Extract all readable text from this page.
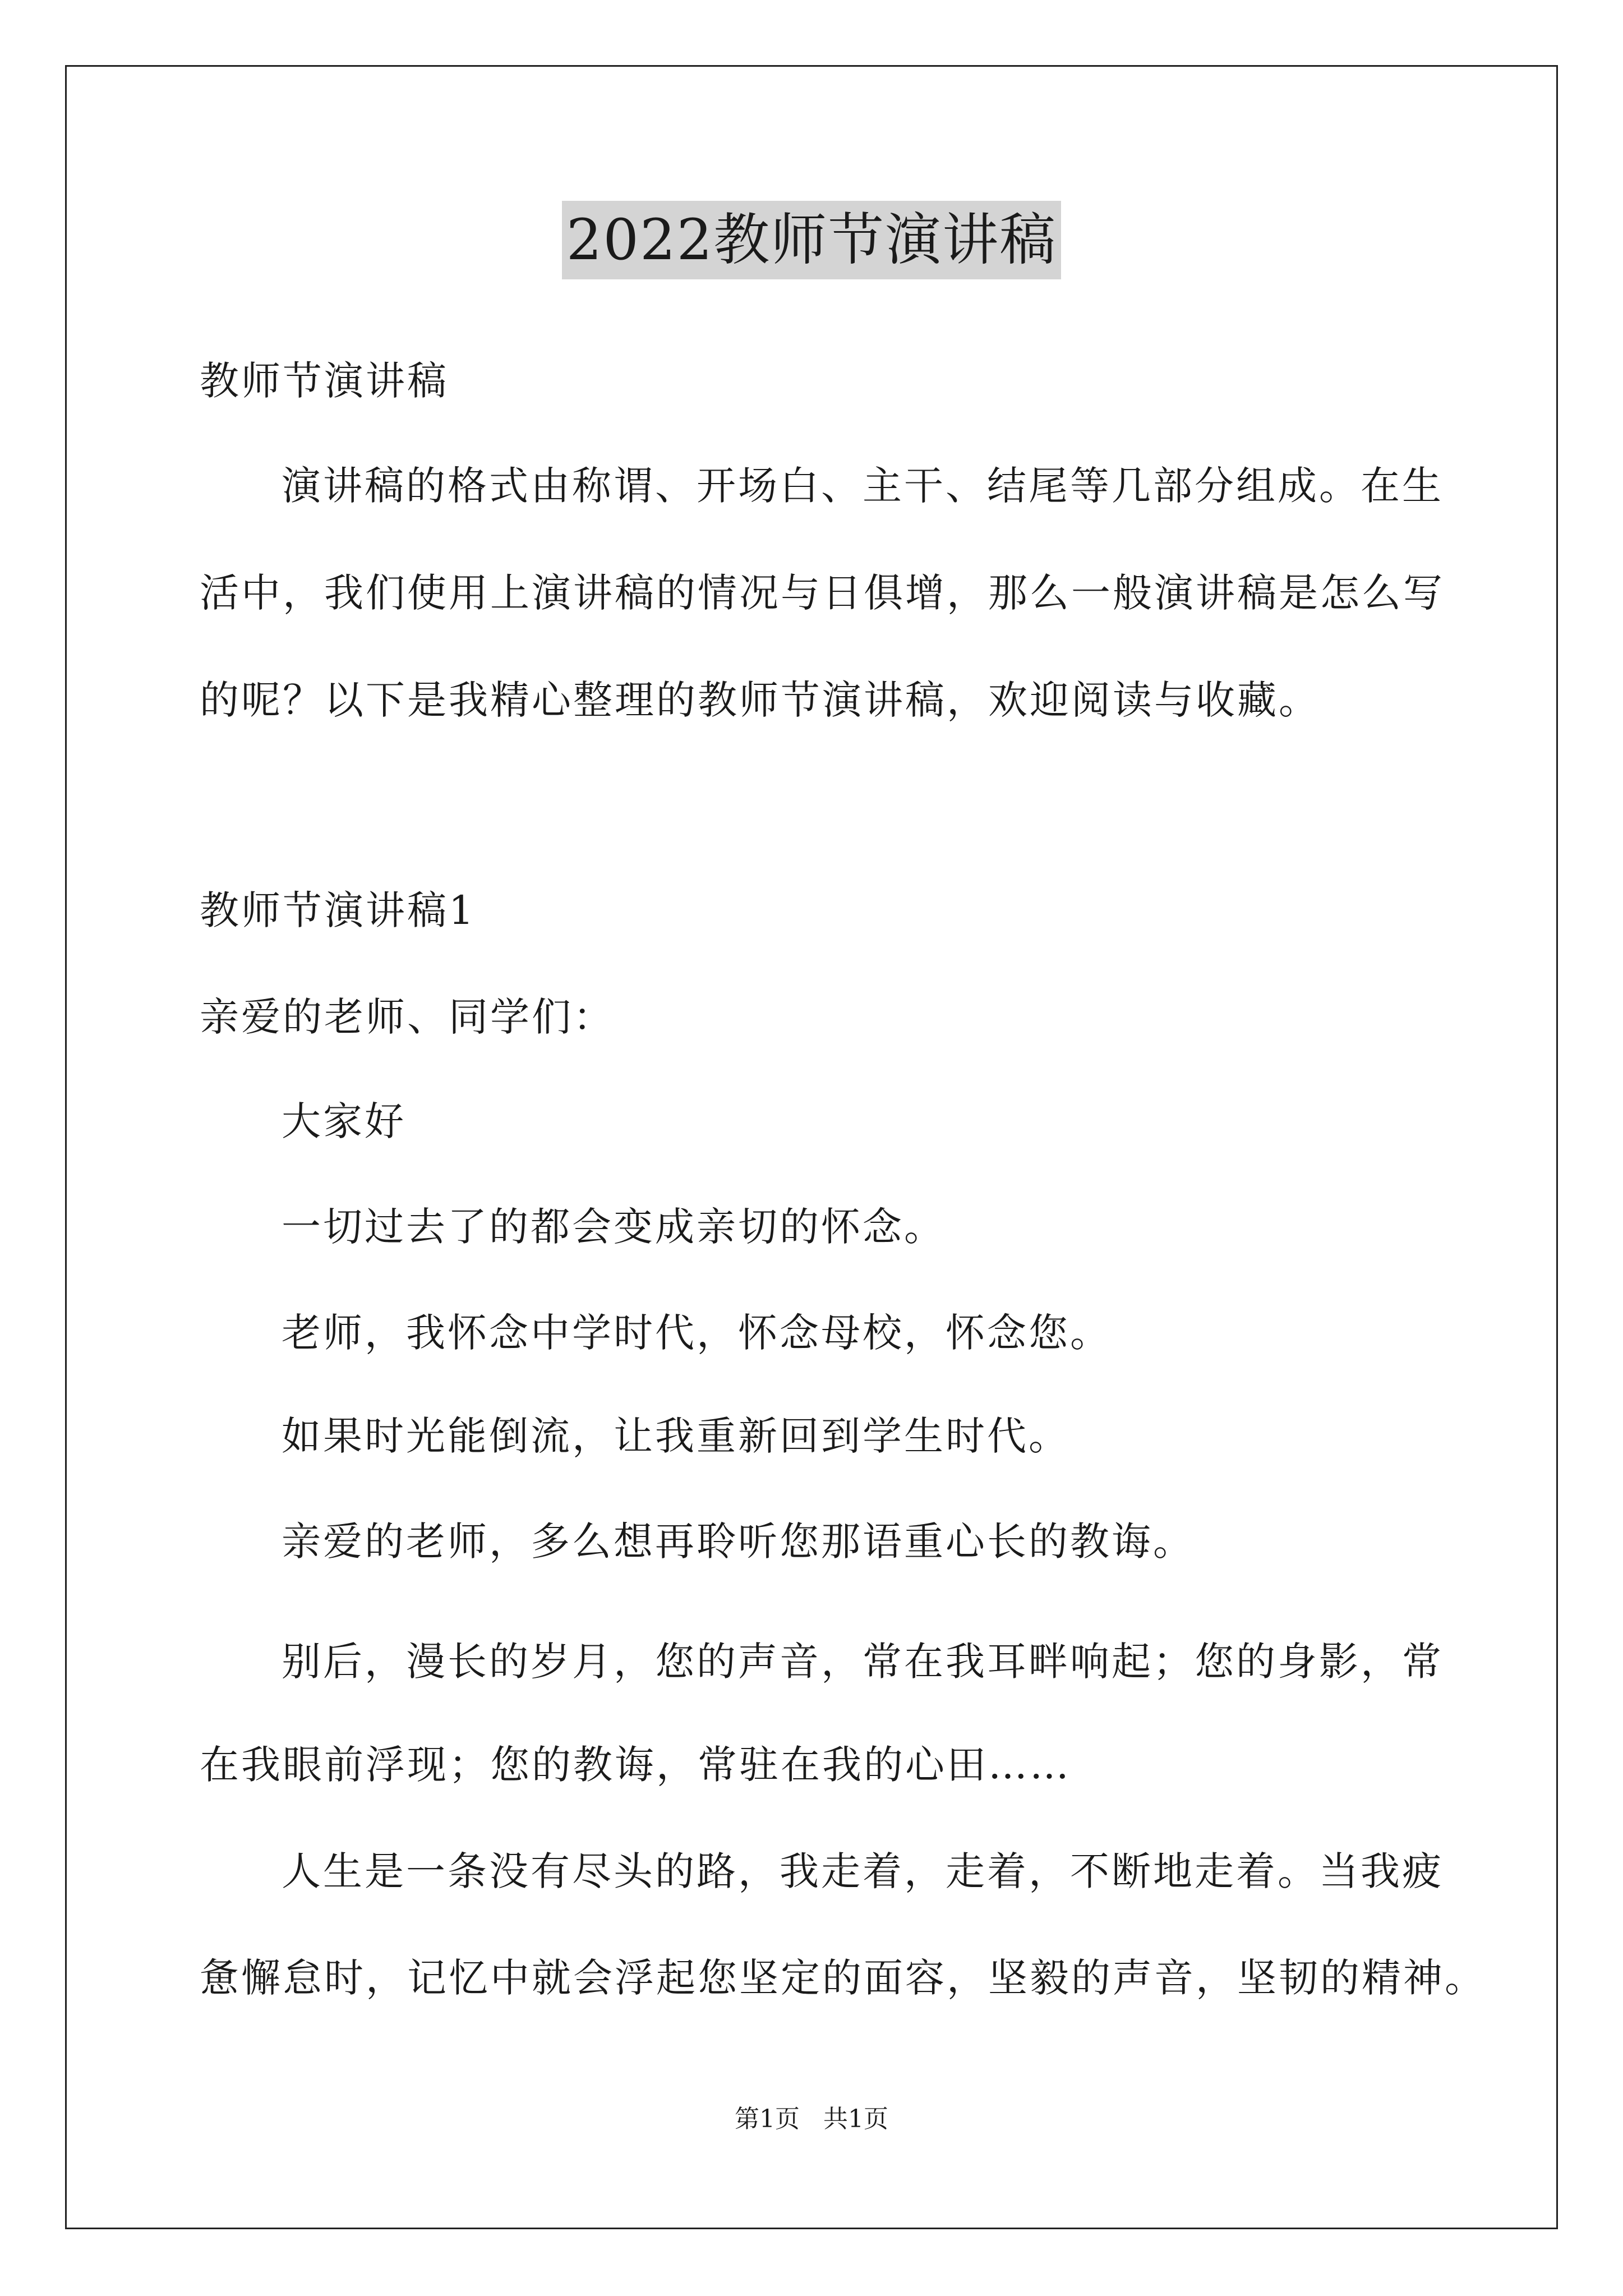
2022教师节演讲稿
教师节演讲稿
演讲稿的格式由称谓、开场白、主干、结尾等几部分组成。在生
活中，我们使用上演讲稿的情况与日俱增，那么一般演讲稿是怎么写
的呢？以下是我精心整理的教师节演讲稿，欢迎阅读与收藏。
教师节演讲稿1
亲爱的老师、同学们：
大家好
一切过去了的都会变成亲切的怀念。
老师，我怀念中学时代，怀念母校，怀念您。
如果时光能倒流，让我重新回到学生时代。
亲爱的老师，多么想再聆听您那语重心长的教诲。
别后，漫长的岁月，您的声音，常在我耳畔响起；您的身影，常
在我眼前浮现；您的教诲，常驻在我的心田……
人生是一条没有尽头的路，我走着，走着，不断地走着。当我疲
惫懈怠时，记忆中就会浮起您坚定的面容，坚毅的声音，坚韧的精神。
第1页   共1页
